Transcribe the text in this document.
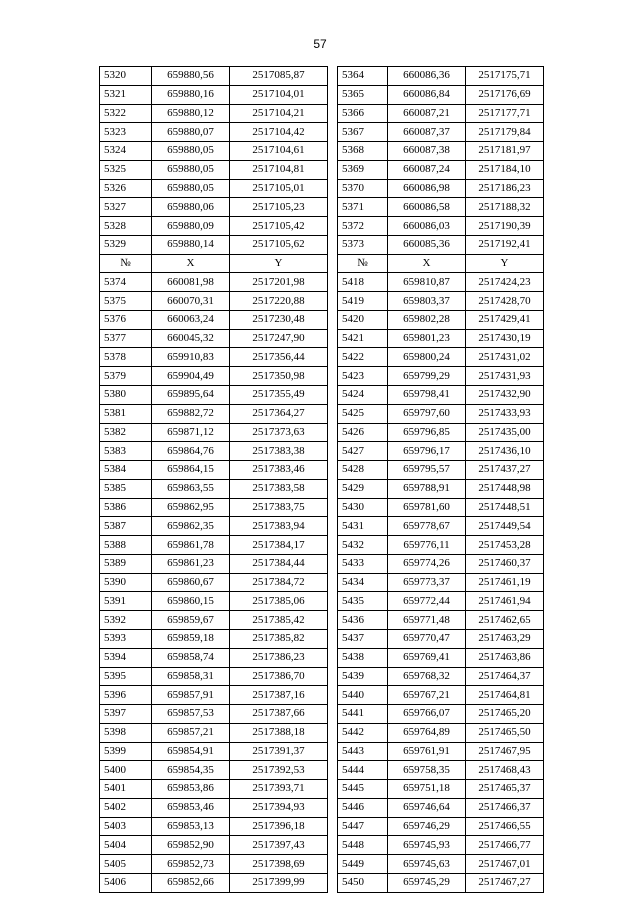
57
5320	659880,56	2517085,87		5364	660086,36	2517175,71
5321	659880,16	2517104,01		5365	660086,84	2517176,69
5322	659880,12	2517104,21		5366	660087,21	2517177,71
5323	659880,07	2517104,42		5367	660087,37	2517179,84
5324	659880,05	2517104,61		5368	660087,38	2517181,97
5325	659880,05	2517104,81		5369	660087,24	2517184,10
5326	659880,05	2517105,01		5370	660086,98	2517186,23
5327	659880,06	2517105,23		5371	660086,58	2517188,32
5328	659880,09	2517105,42		5372	660086,03	2517190,39
5329	659880,14	2517105,62		5373	660085,36	2517192,41
№	X	Y		№	X	Y
5374	660081,98	2517201,98		5418	659810,87	2517424,23
5375	660070,31	2517220,88		5419	659803,37	2517428,70
5376	660063,24	2517230,48		5420	659802,28	2517429,41
5377	660045,32	2517247,90		5421	659801,23	2517430,19
5378	659910,83	2517356,44		5422	659800,24	2517431,02
5379	659904,49	2517350,98		5423	659799,29	2517431,93
5380	659895,64	2517355,49		5424	659798,41	2517432,90
5381	659882,72	2517364,27		5425	659797,60	2517433,93
5382	659871,12	2517373,63		5426	659796,85	2517435,00
5383	659864,76	2517383,38		5427	659796,17	2517436,10
5384	659864,15	2517383,46		5428	659795,57	2517437,27
5385	659863,55	2517383,58		5429	659788,91	2517448,98
5386	659862,95	2517383,75		5430	659781,60	2517448,51
5387	659862,35	2517383,94		5431	659778,67	2517449,54
5388	659861,78	2517384,17		5432	659776,11	2517453,28
5389	659861,23	2517384,44		5433	659774,26	2517460,37
5390	659860,67	2517384,72		5434	659773,37	2517461,19
5391	659860,15	2517385,06		5435	659772,44	2517461,94
5392	659859,67	2517385,42		5436	659771,48	2517462,65
5393	659859,18	2517385,82		5437	659770,47	2517463,29
5394	659858,74	2517386,23		5438	659769,41	2517463,86
5395	659858,31	2517386,70		5439	659768,32	2517464,37
5396	659857,91	2517387,16		5440	659767,21	2517464,81
5397	659857,53	2517387,66		5441	659766,07	2517465,20
5398	659857,21	2517388,18		5442	659764,89	2517465,50
5399	659854,91	2517391,37		5443	659761,91	2517467,95
5400	659854,35	2517392,53		5444	659758,35	2517468,43
5401	659853,86	2517393,71		5445	659751,18	2517465,37
5402	659853,46	2517394,93		5446	659746,64	2517466,37
5403	659853,13	2517396,18		5447	659746,29	2517466,55
5404	659852,90	2517397,43		5448	659745,93	2517466,77
5405	659852,73	2517398,69		5449	659745,63	2517467,01
5406	659852,66	2517399,99		5450	659745,29	2517467,27
